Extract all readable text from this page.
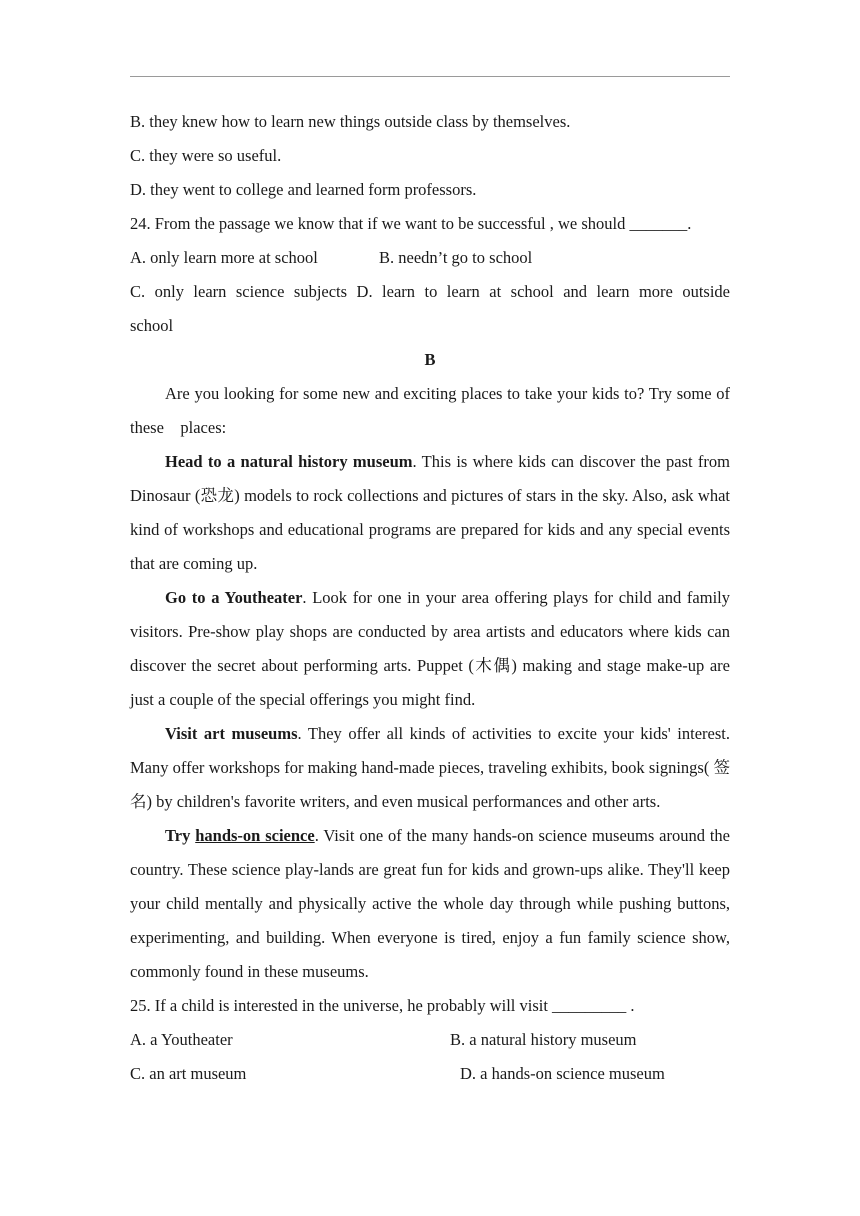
B. they knew how to learn new things outside class by themselves.
C. they were so useful.
D. they went to college and learned form professors.
24. From the passage we know that if we want to be successful , we should _______.
A. only learn more at school	B. needn’t go to school
C. only learn science subjects D. learn to learn at school and learn more outside
school
B

Are you looking for some new and exciting places to take your kids to? Try some of these　places:

Head to a natural history museum. This is where kids can discover the past from Dinosaur (恐龙) models to rock collections and pictures of stars in the sky. Also, ask what kind of workshops and educational programs are prepared for kids and any special events that are coming up.

Go to a Youtheater. Look for one in your area offering plays for child and family visitors. Pre-show play shops are conducted by area artists and educators where kids can discover the secret about performing arts. Puppet (木偶) making and stage make-up are just a couple of the special offerings you might find.

Visit art museums. They offer all kinds of activities to excite your kids' interest. Many offer workshops for making hand-made pieces, traveling exhibits, book signings( 签名) by children's favorite writers, and even musical performances and other arts.

Try hands-on science. Visit one of the many hands-on science museums around the country. These science play-lands are great fun for kids and grown-ups alike. They'll keep your child mentally and physically active the whole day through while pushing buttons, experimenting, and building. When everyone is tired, enjoy a fun family science show, commonly found in these museums.

25. If a child is interested in the universe, he probably will visit _________ .
A. a Youtheater	B. a natural history museum
C. an art museum	D. a hands-on science museum
